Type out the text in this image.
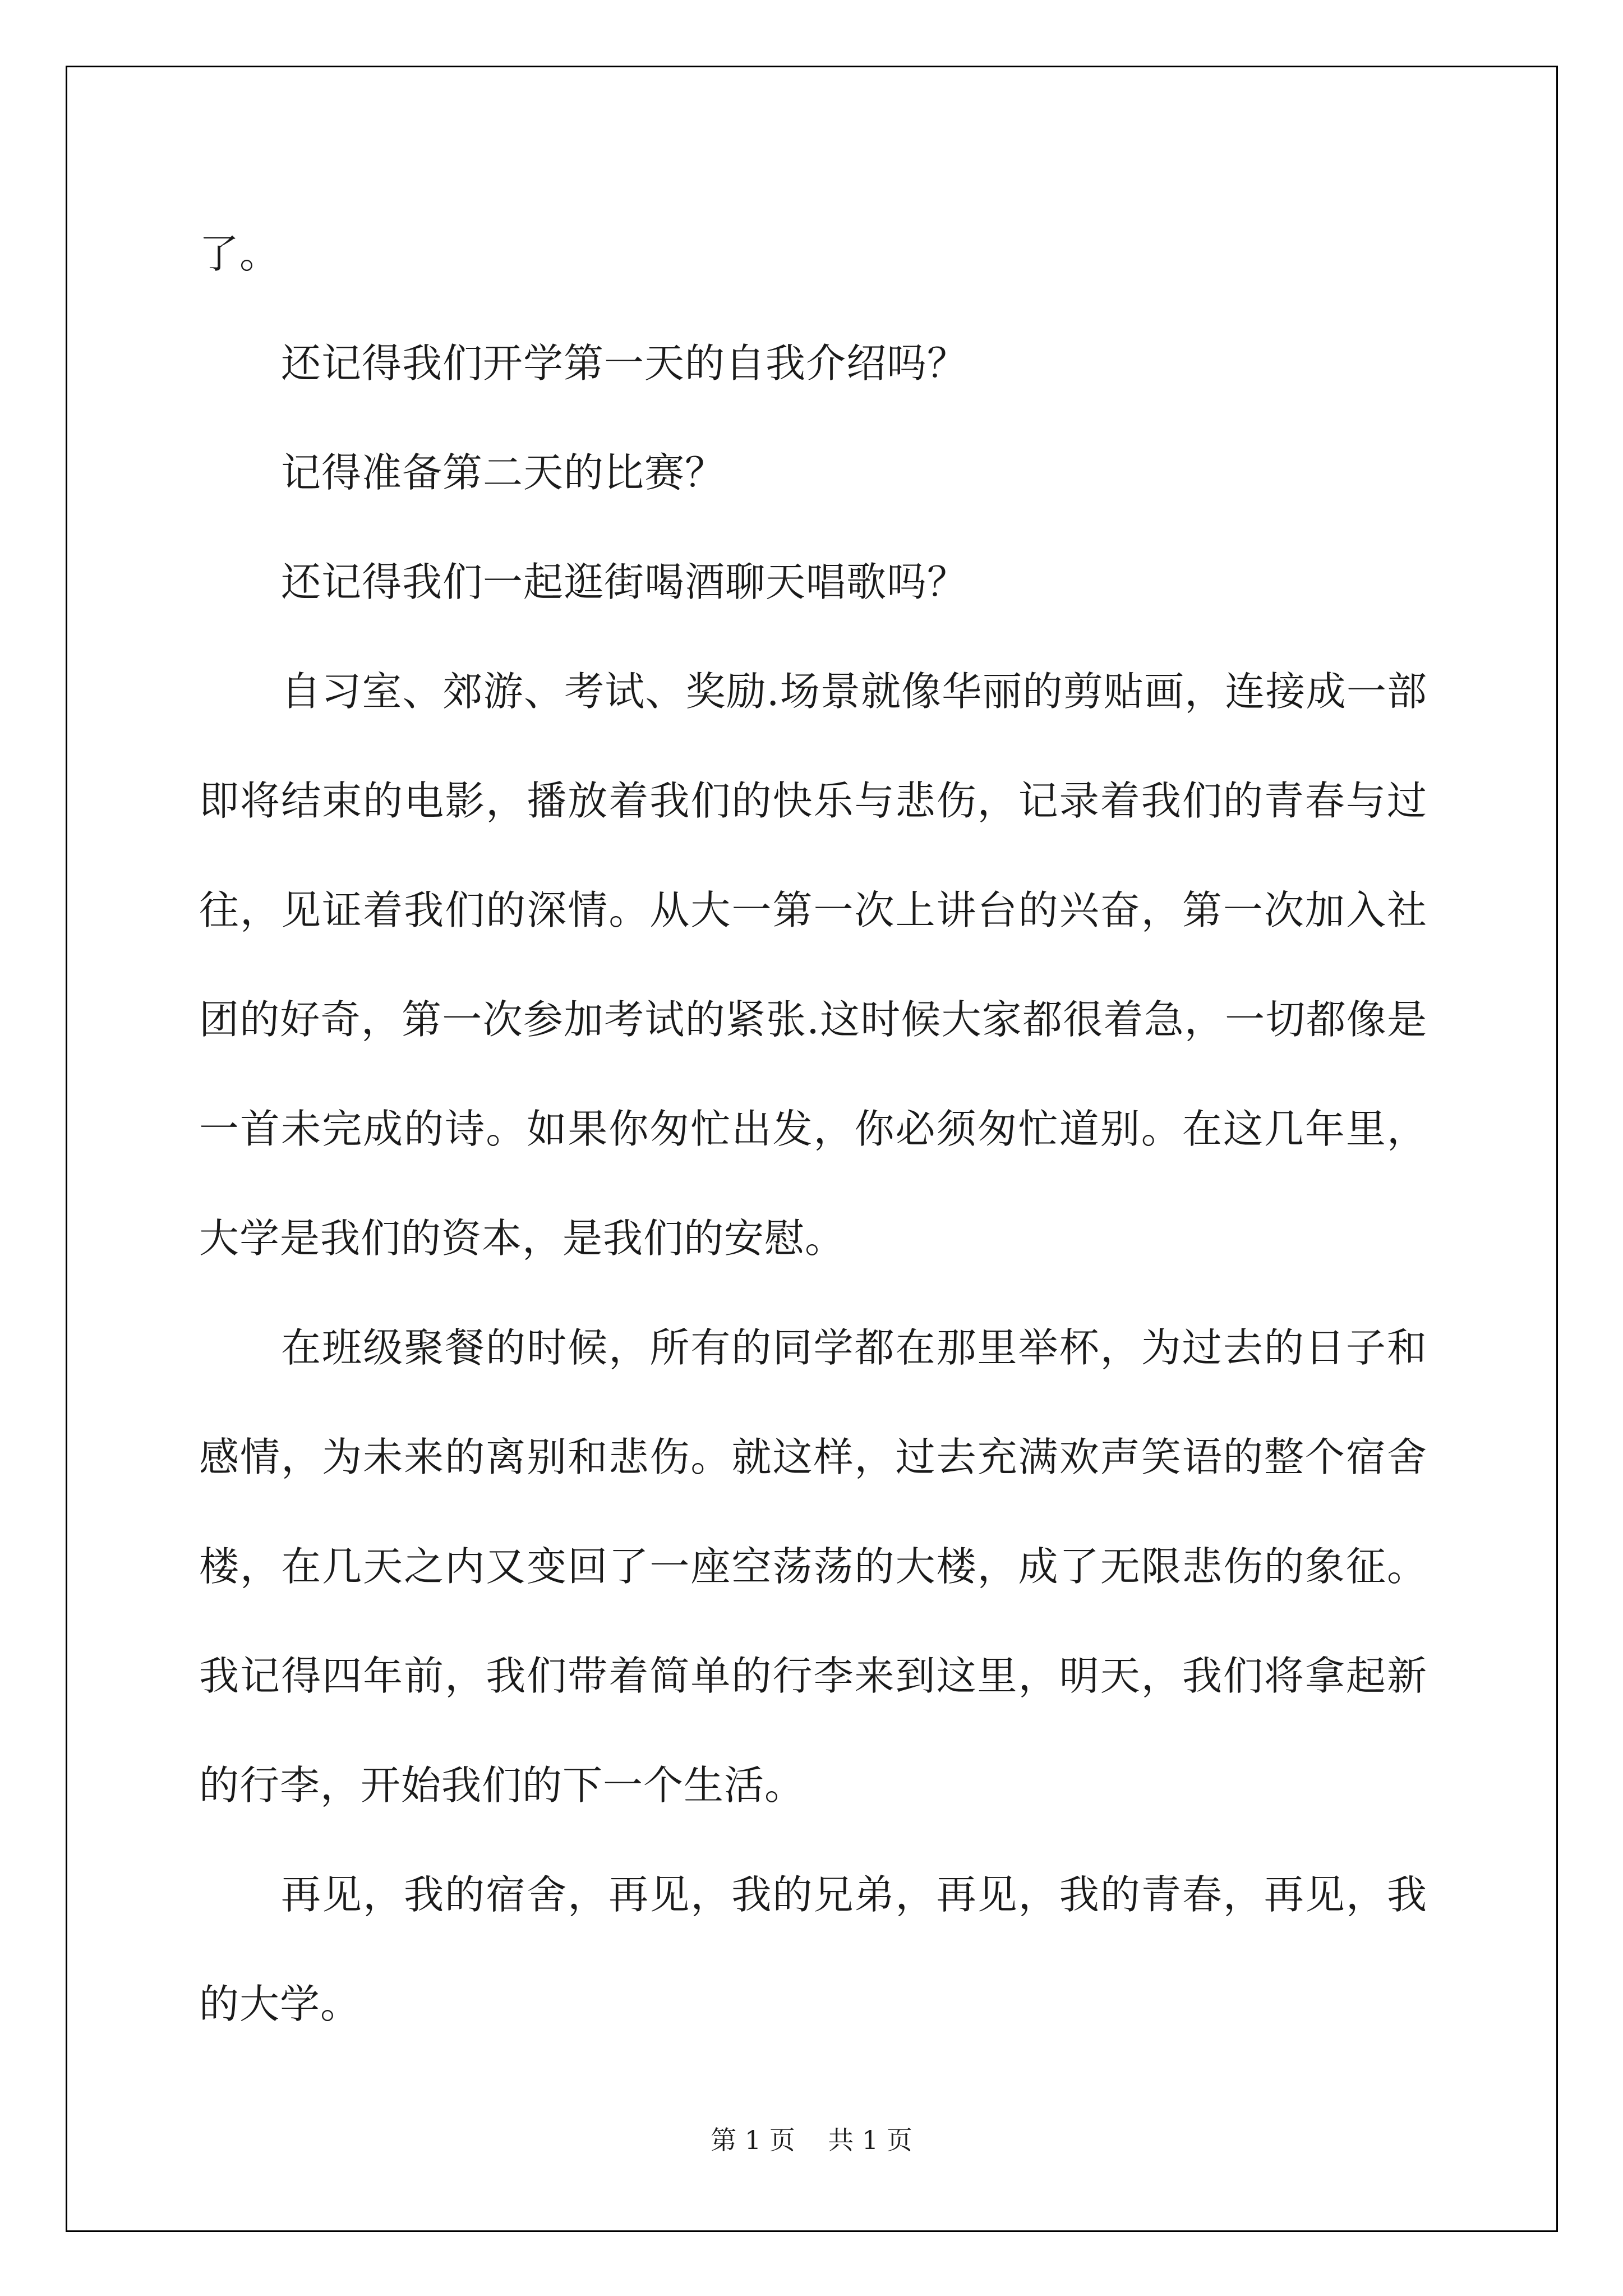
了。

还记得我们开学第一天的自我介绍吗？

记得准备第二天的比赛？

还记得我们一起逛街喝酒聊天唱歌吗？

自习室、郊游、考试、奖励.场景就像华丽的剪贴画，连接成一部即将结束的电影，播放着我们的快乐与悲伤，记录着我们的青春与过往，见证着我们的深情。从大一第一次上讲台的兴奋，第一次加入社团的好奇，第一次参加考试的紧张.这时候大家都很着急，一切都像是一首未完成的诗。如果你匆忙出发，你必须匆忙道别。在这几年里，大学是我们的资本，是我们的安慰。

在班级聚餐的时候，所有的同学都在那里举杯，为过去的日子和感情，为未来的离别和悲伤。就这样，过去充满欢声笑语的整个宿舍楼，在几天之内又变回了一座空荡荡的大楼，成了无限悲伤的象征。我记得四年前，我们带着简单的行李来到这里，明天，我们将拿起新的行李，开始我们的下一个生活。

再见，我的宿舍，再见，我的兄弟，再见，我的青春，再见，我的大学。

第 1 页    共 1 页
